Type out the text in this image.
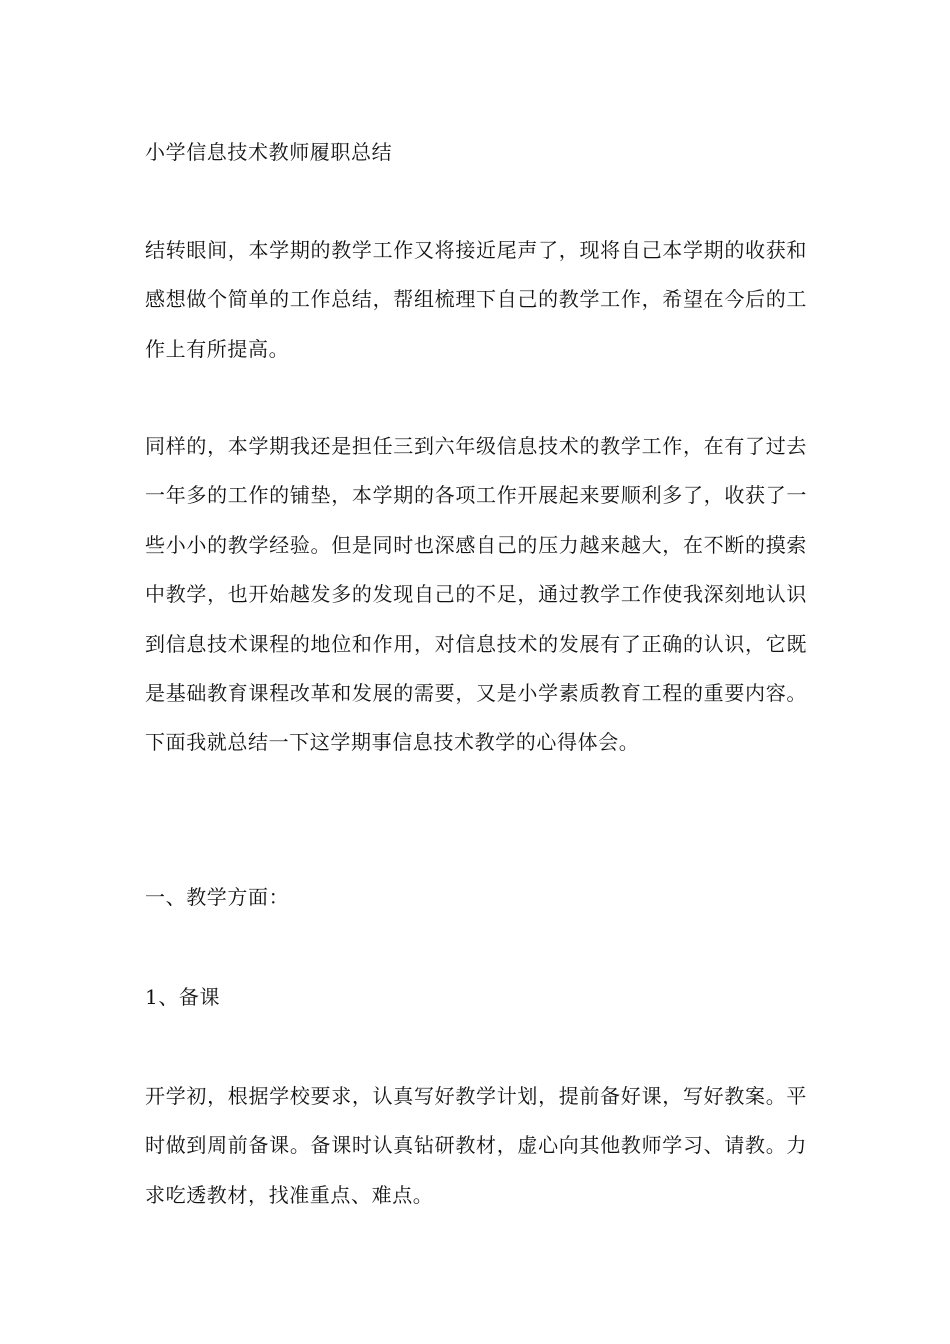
小学信息技术教师履职总结

结转眼间，本学期的教学工作又将接近尾声了，现将自己本学期的收获和感想做个简单的工作总结，帮组梳理下自己的教学工作，希望在今后的工作上有所提高。

同样的，本学期我还是担任三到六年级信息技术的教学工作，在有了过去一年多的工作的铺垫，本学期的各项工作开展起来要顺利多了，收获了一些小小的教学经验。但是同时也深感自己的压力越来越大，在不断的摸索中教学，也开始越发多的发现自己的不足，通过教学工作使我深刻地认识到信息技术课程的地位和作用，对信息技术的发展有了正确的认识，它既是基础教育课程改革和发展的需要，又是小学素质教育工程的重要内容。下面我就总结一下这学期事信息技术教学的心得体会。

一、教学方面：

1、备课

开学初，根据学校要求，认真写好教学计划，提前备好课，写好教案。平时做到周前备课。备课时认真钻研教材，虚心向其他教师学习、请教。力求吃透教材，找准重点、难点。
